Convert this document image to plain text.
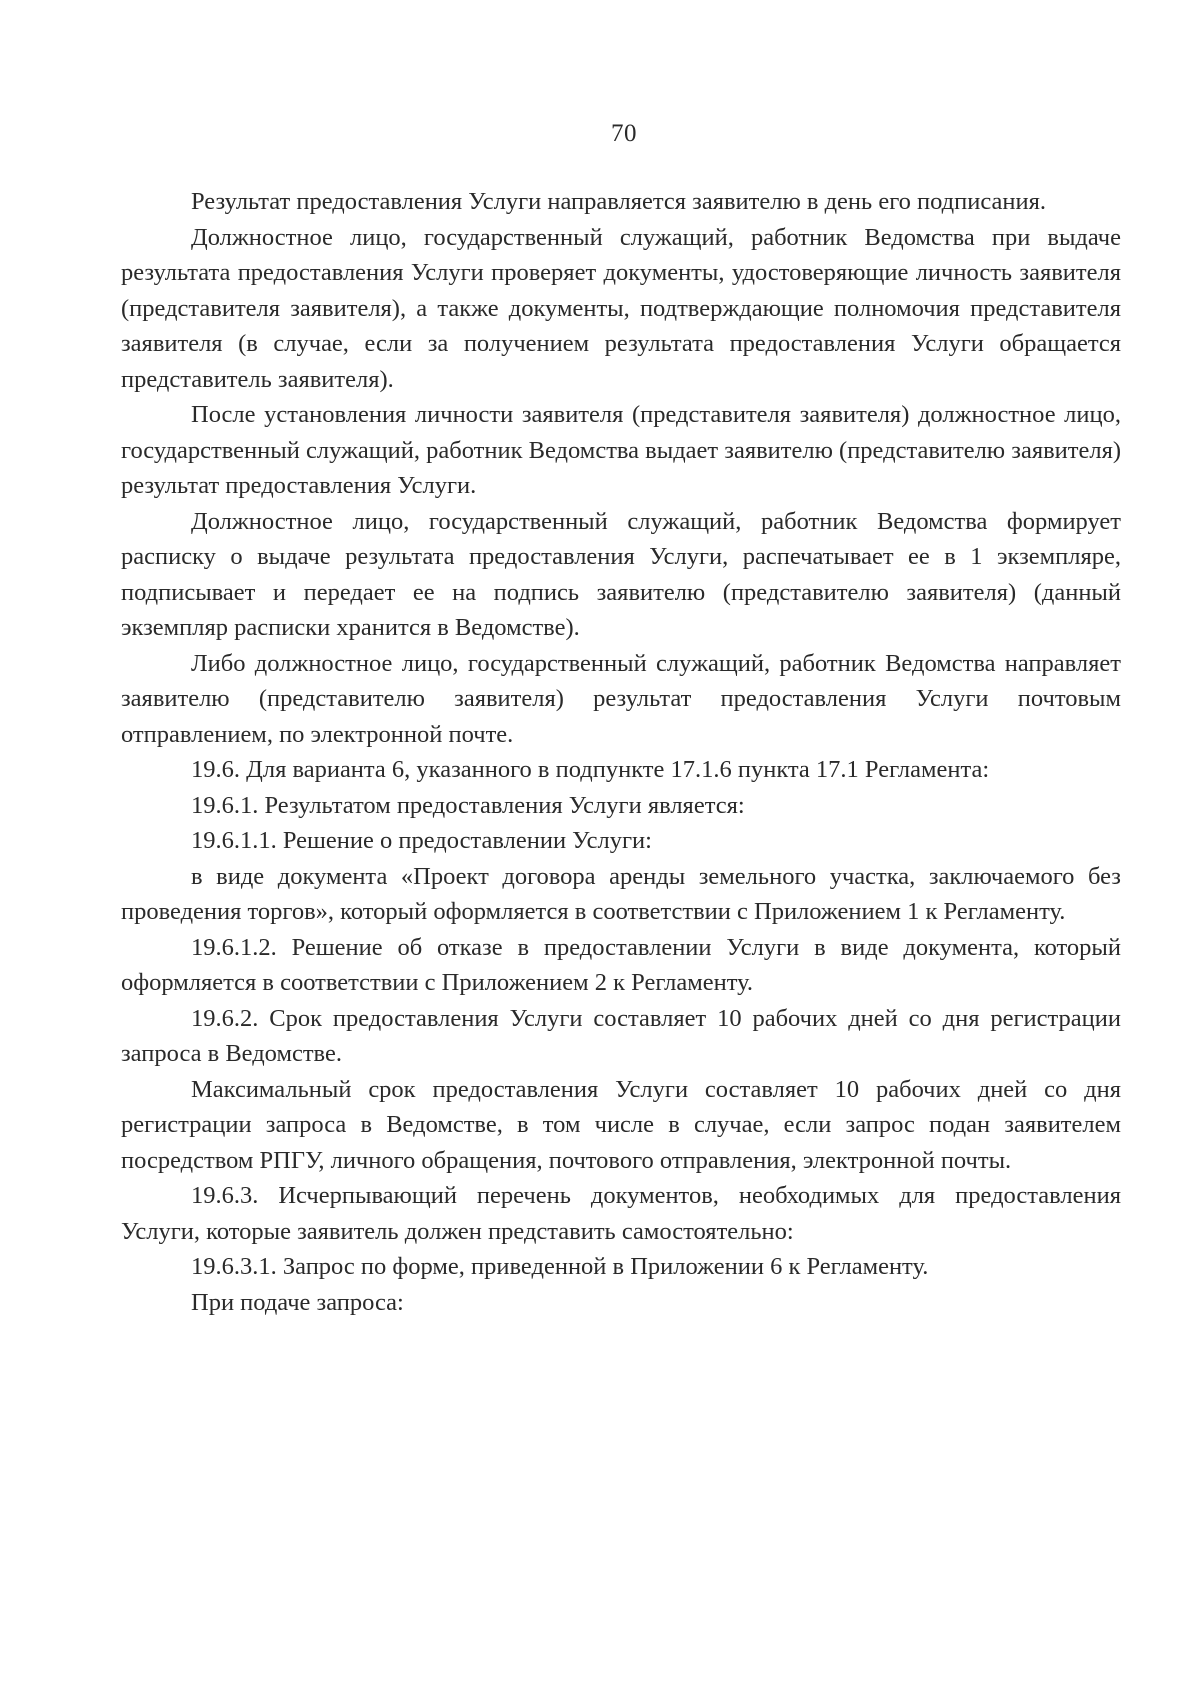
70

Результат предоставления Услуги направляется заявителю в день его подписания.

Должностное лицо, государственный служащий, работник Ведомства при выдаче результата предоставления Услуги проверяет документы, удостоверяющие личность заявителя (представителя заявителя), а также документы, подтверждающие полномочия представителя заявителя (в случае, если за получением результата предоставления Услуги обращается представитель заявителя).

После установления личности заявителя (представителя заявителя) должностное лицо, государственный служащий, работник Ведомства выдает заявителю (представителю заявителя) результат предоставления Услуги.

Должностное лицо, государственный служащий, работник Ведомства формирует расписку о выдаче результата предоставления Услуги, распечатывает ее в 1 экземпляре, подписывает и передает ее на подпись заявителю (представителю заявителя) (данный экземпляр расписки хранится в Ведомстве).

Либо должностное лицо, государственный служащий, работник Ведомства направляет заявителю (представителю заявителя) результат предоставления Услуги почтовым отправлением, по электронной почте.

19.6. Для варианта 6, указанного в подпункте 17.1.6 пункта 17.1 Регламента:

19.6.1. Результатом предоставления Услуги является:

19.6.1.1. Решение о предоставлении Услуги:

в виде документа «Проект договора аренды земельного участка, заключаемого без проведения торгов», который оформляется в соответствии с Приложением 1 к Регламенту.

19.6.1.2. Решение об отказе в предоставлении Услуги в виде документа, который оформляется в соответствии с Приложением 2 к Регламенту.

19.6.2. Срок предоставления Услуги составляет 10 рабочих дней со дня регистрации запроса в Ведомстве.

Максимальный срок предоставления Услуги составляет 10 рабочих дней со дня регистрации запроса в Ведомстве, в том числе в случае, если запрос подан заявителем посредством РПГУ, личного обращения, почтового отправления, электронной почты.

19.6.3. Исчерпывающий перечень документов, необходимых для предоставления Услуги, которые заявитель должен представить самостоятельно:

19.6.3.1. Запрос по форме, приведенной в Приложении 6 к Регламенту.

При подаче запроса:
